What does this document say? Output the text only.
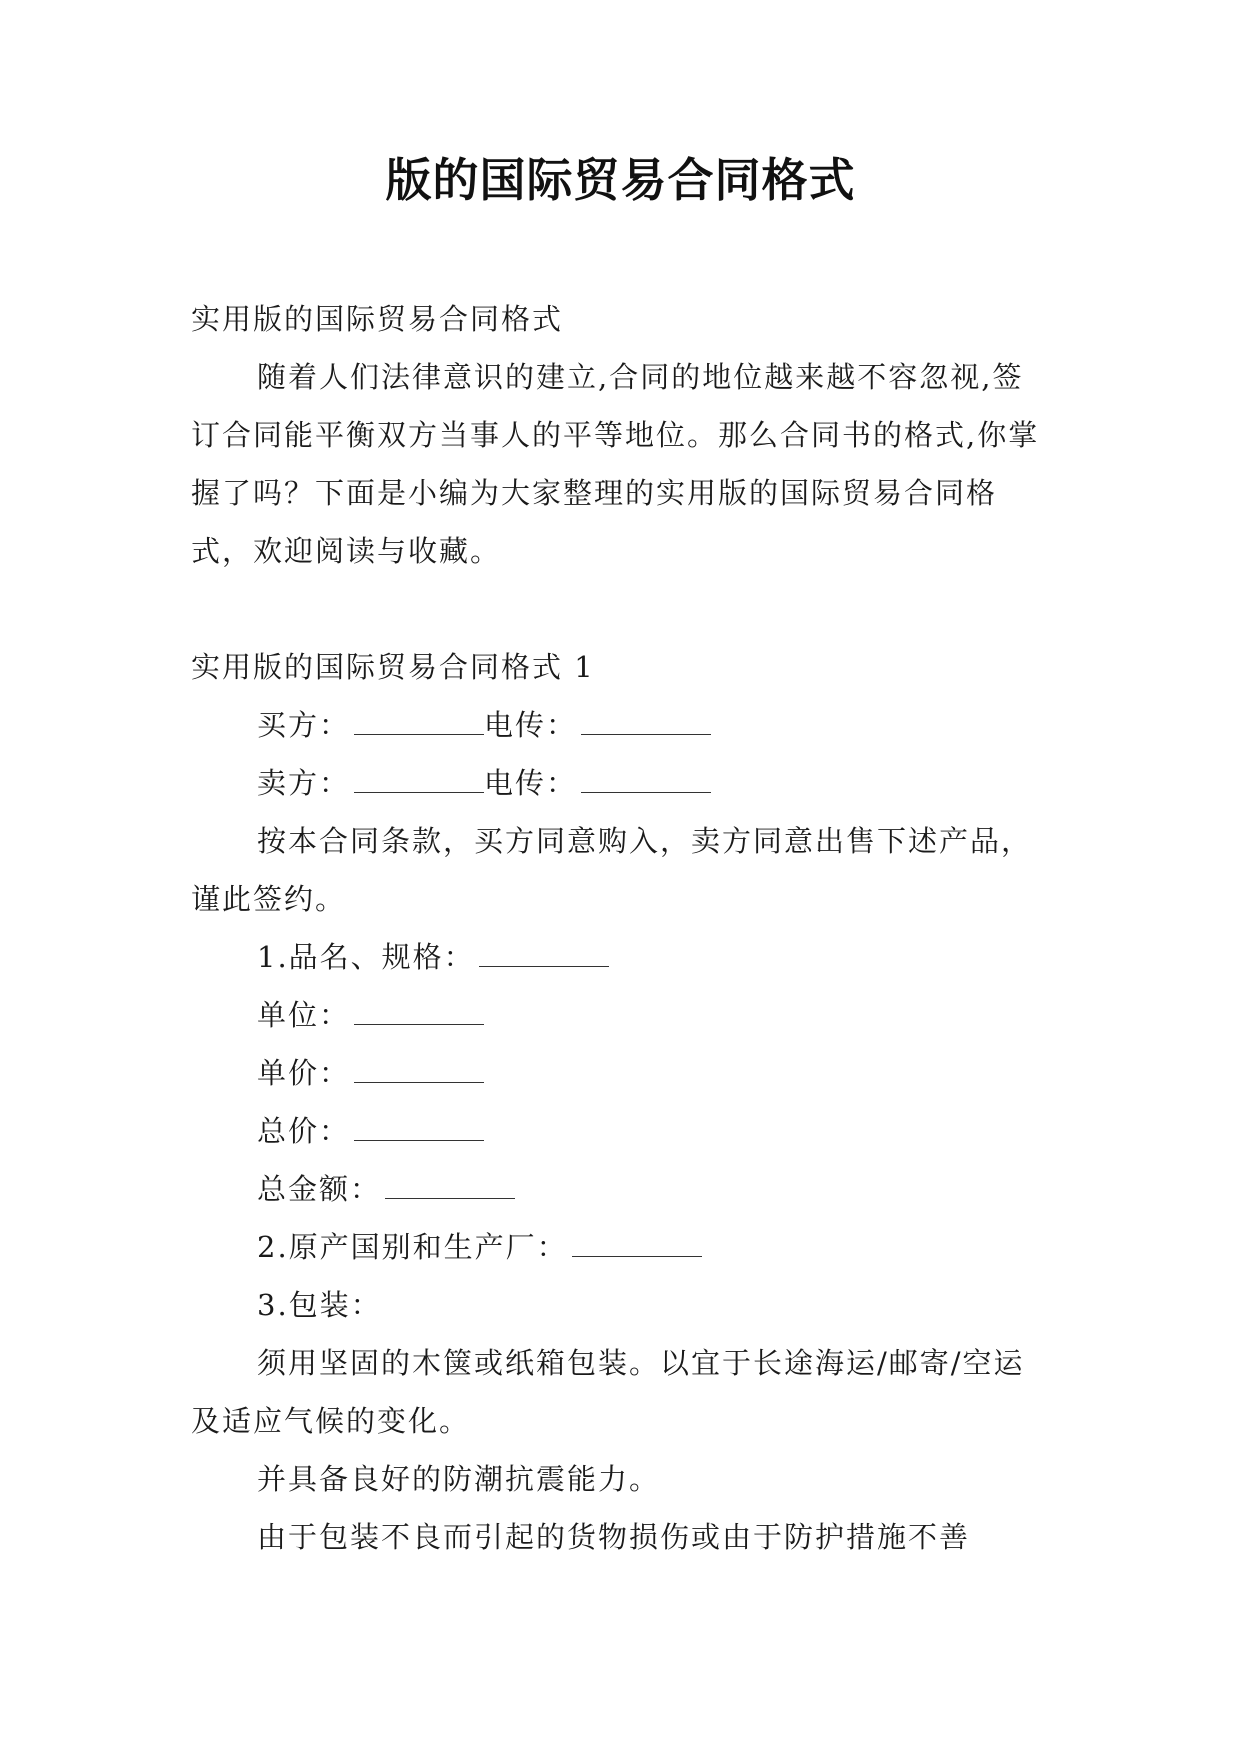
版的国际贸易合同格式

实用版的国际贸易合同格式

随着人们法律意识的建立,合同的地位越来越不容忽视,签订合同能平衡双方当事人的平等地位。那么合同书的格式,你掌握了吗？下面是小编为大家整理的实用版的国际贸易合同格式，欢迎阅读与收藏。

实用版的国际贸易合同格式 1

买方：	电传：

卖方：	电传：

按本合同条款，买方同意购入，卖方同意出售下述产品，谨此签约。

1.品名、规格：

单位：

单价：

总价：

总金额：

2.原产国别和生产厂：

3.包装：

须用坚固的木箧或纸箱包装。以宜于长途海运/邮寄/空运及适应气候的变化。

并具备良好的防潮抗震能力。

由于包装不良而引起的货物损伤或由于防护措施不善
